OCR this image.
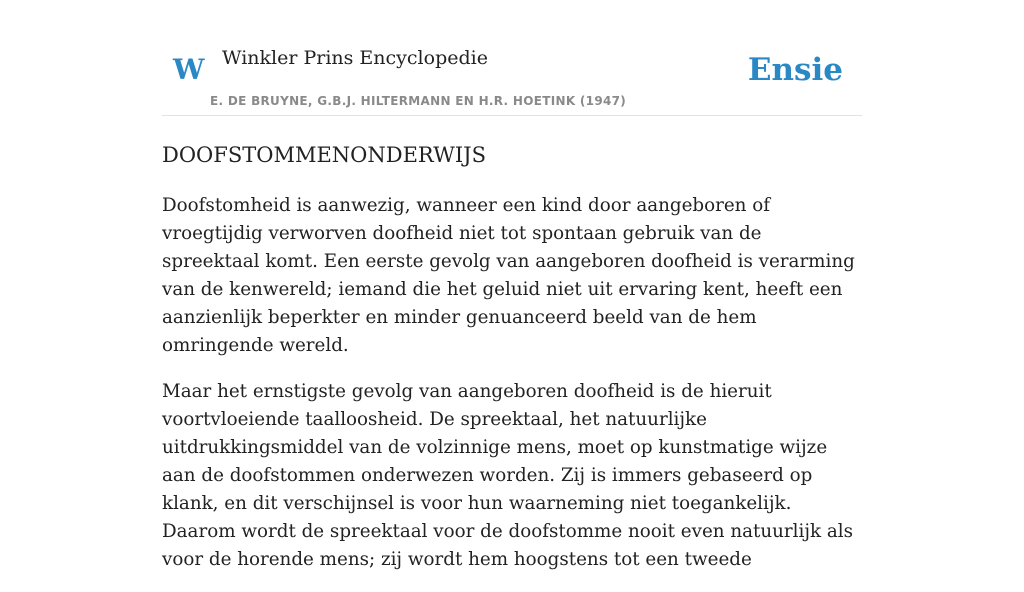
W Winkler Prins Encyclopedie
E. DE BRUYNE, G.B.J. HILTERMANN EN H.R. HOETINK (1947)
Ensie
DOOFSTOMMENONDERWIJS

Doofstomheid is aanwezig, wanneer een kind door aangeboren of vroegtijdig verworven doofheid niet tot spontaan gebruik van de spreektaal komt. Een eerste gevolg van aangeboren doofheid is verarming van de kenwereld; iemand die het geluid niet uit ervaring kent, heeft een aanzienlijk beperkter en minder genuanceerd beeld van de hem omringende wereld.

Maar het ernstigste gevolg van aangeboren doofheid is de hieruit voortvloeiende taalloosheid. De spreektaal, het natuurlijke uitdrukkingsmiddel van de volzinnige mens, moet op kunstmatige wijze aan de doofstommen onderwezen worden. Zij is immers gebaseerd op klank, en dit verschijnsel is voor hun waarneming niet toegankelijk. Daarom wordt de spreektaal voor de doofstomme nooit even natuurlijk als voor de horende mens; zij wordt hem hoogstens tot een tweede
